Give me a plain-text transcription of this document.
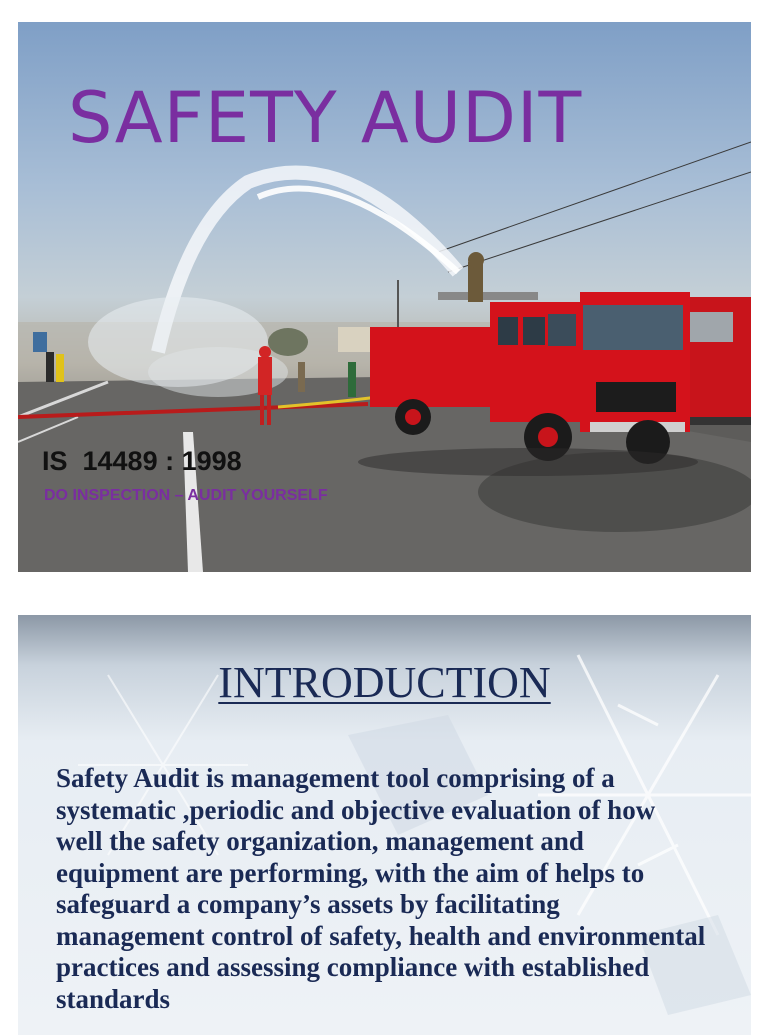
SAFETY AUDIT
IS  14489 : 1998
DO INSPECTION – AUDIT YOURSELF
INTRODUCTION

Safety Audit is management tool comprising of a systematic ,periodic and objective evaluation of how well the safety organization, management and equipment are performing, with the aim of helps to safeguard a company’s assets by facilitating management control of safety, health and environmental practices and assessing compliance with established standards
